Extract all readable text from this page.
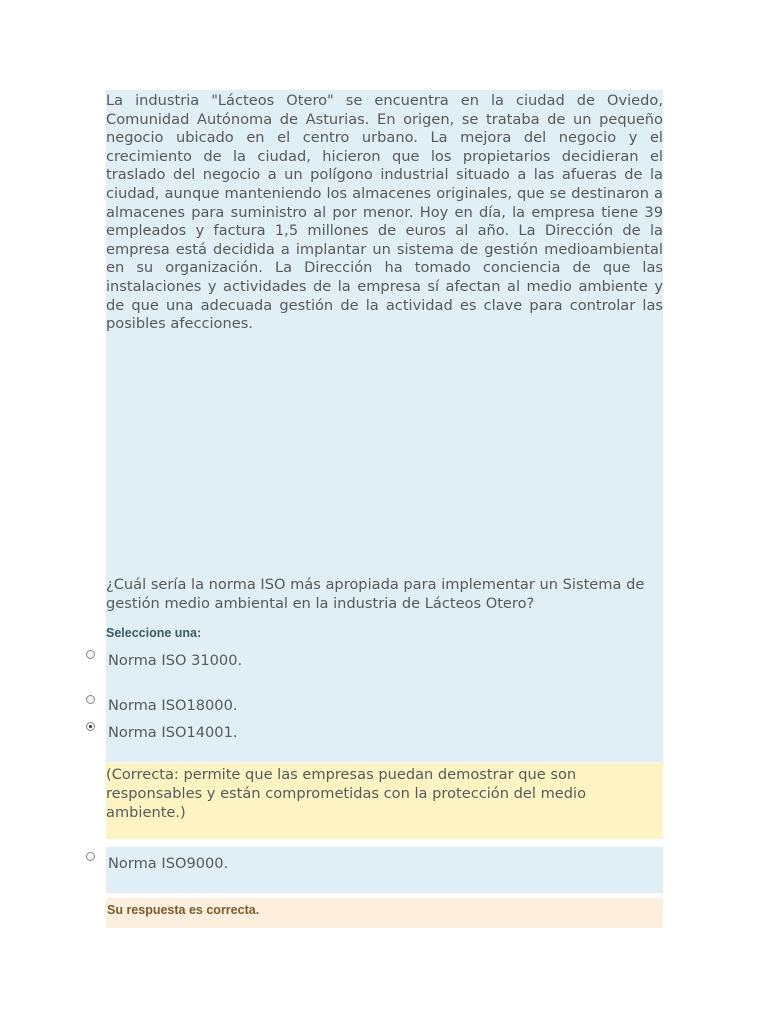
La industria "Lácteos Otero" se encuentra en la ciudad de Oviedo, Comunidad Autónoma de Asturias. En origen, se trataba de un pequeño negocio ubicado en el centro urbano. La mejora del negocio y el crecimiento de la ciudad, hicieron que los propietarios decidieran el traslado del negocio a un polígono industrial situado a las afueras de la ciudad, aunque manteniendo los almacenes originales, que se destinaron a almacenes para suministro al por menor. Hoy en día, la empresa tiene 39 empleados y factura 1,5 millones de euros al año. La Dirección de la empresa está decidida a implantar un sistema de gestión medioambiental en su organización. La Dirección ha tomado conciencia de que las instalaciones y actividades de la empresa sí afectan al medio ambiente y de que una adecuada gestión de la actividad es clave para controlar las posibles afecciones.

¿Cuál sería la norma ISO más apropiada para implementar un Sistema de gestión medio ambiental en la industria de Lácteos Otero?
Seleccione una:
Norma ISO 31000.
Norma ISO18000.
Norma ISO14001.
(Correcta: permite que las empresas puedan demostrar que son responsables y están comprometidas con la protección del medio ambiente.)
Norma ISO9000.
Su respuesta es correcta.
